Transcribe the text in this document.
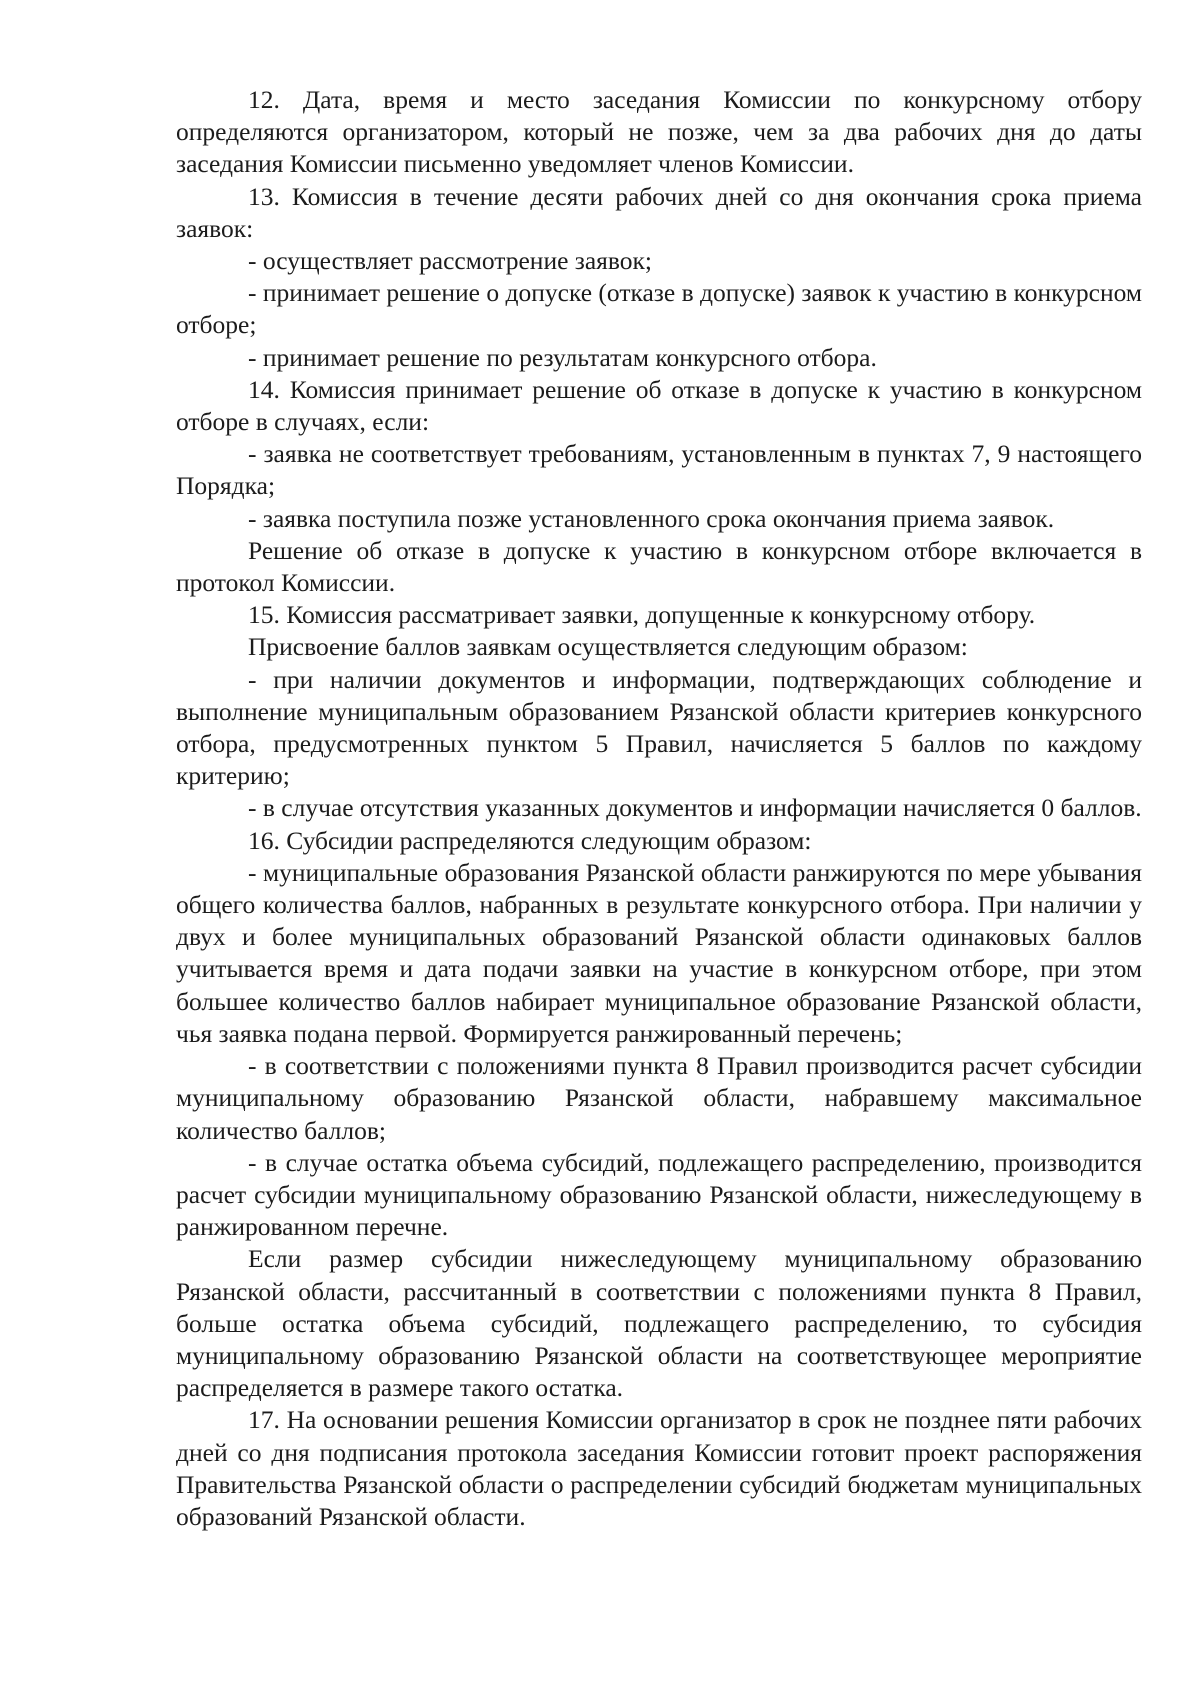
12. Дата, время и место заседания Комиссии по конкурсному отбору определяются организатором, который не позже, чем за два рабочих дня до даты заседания Комиссии письменно уведомляет членов Комиссии.

13. Комиссия в течение десяти рабочих дней со дня окончания срока приема заявок:

- осуществляет рассмотрение заявок;

- принимает решение о допуске (отказе в допуске) заявок к участию в конкурсном отборе;

- принимает решение по результатам конкурсного отбора.

14. Комиссия принимает решение об отказе в допуске к участию в конкурсном отборе в случаях, если:

- заявка не соответствует требованиям, установленным в пунктах 7, 9 настоящего Порядка;

- заявка поступила позже установленного срока окончания приема заявок.

Решение об отказе в допуске к участию в конкурсном отборе включается в протокол Комиссии.

15. Комиссия рассматривает заявки, допущенные к конкурсному отбору.

Присвоение баллов заявкам осуществляется следующим образом:

- при наличии документов и информации, подтверждающих соблюдение и выполнение муниципальным образованием Рязанской области критериев конкурсного отбора, предусмотренных пунктом 5 Правил, начисляется 5 баллов по каждому критерию;

- в случае отсутствия указанных документов и информации начисляется 0 баллов.

16. Субсидии распределяются следующим образом:

- муниципальные образования Рязанской области ранжируются по мере убывания общего количества баллов, набранных в результате конкурсного отбора. При наличии у двух и более муниципальных образований Рязанской области одинаковых баллов учитывается время и дата подачи заявки на участие в конкурсном отборе, при этом большее количество баллов набирает муниципальное образование Рязанской области, чья заявка подана первой. Формируется ранжированный перечень;

- в соответствии с положениями пункта 8 Правил производится расчет субсидии муниципальному образованию Рязанской области, набравшему максимальное количество баллов;

- в случае остатка объема субсидий, подлежащего распределению, производится расчет субсидии муниципальному образованию Рязанской области, нижеследующему в ранжированном перечне.

Если размер субсидии нижеследующему муниципальному образованию Рязанской области, рассчитанный в соответствии с положениями пункта 8 Правил, больше остатка объема субсидий, подлежащего распределению, то субсидия муниципальному образованию Рязанской области на соответствующее мероприятие распределяется в размере такого остатка.

17. На основании решения Комиссии организатор в срок не позднее пяти рабочих дней со дня подписания протокола заседания Комиссии готовит проект распоряжения Правительства Рязанской области о распределении субсидий бюджетам муниципальных образований Рязанской области.
